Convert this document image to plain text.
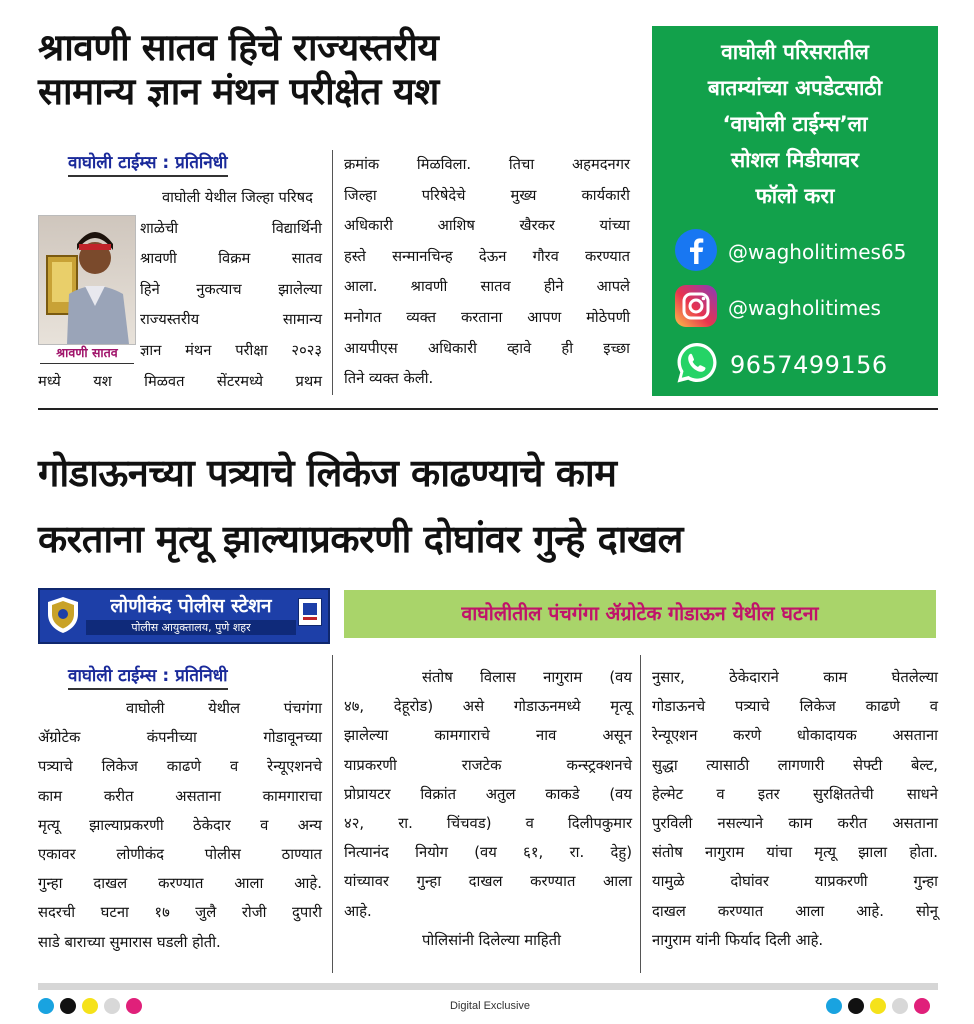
श्रावणी सातव हिचे राज्यस्तरीय
सामान्य ज्ञान मंथन परीक्षेत यश
वाघोली टाईम्स : प्रतिनिधी
श्रावणी सातव

वाघोली येथील जिल्हा परिषद

शाळेची विद्यार्थिनी

श्रावणी विक्रम सातव

हिने नुकत्याच झालेल्या

राज्यस्तरीय सामान्य

ज्ञान मंथन परीक्षा २०२३

मध्ये यश मिळवत सेंटरमध्ये प्रथम

क्रमांक मिळविला. तिचा अहमदनगर

जिल्हा परिषेदेचे मुख्य कार्यकारी

अधिकारी आशिष खैरकर यांच्या

हस्ते सन्मानचिन्ह देऊन गौरव करण्यात

आला. श्रावणी सातव हीने आपले

मनोगत व्यक्त करताना आपण मोठेपणी

आयपीएस अधिकारी व्हावे ही इच्छा

तिने व्यक्त केली.

वाघोली परिसरातील
बातम्यांच्या अपडेटसाठी
‘वाघोली टाईम्स’ला
सोशल मिडीयावर
फॉलो करा
@wagholitimes65
@wagholitimes
9657499156
गोडाऊनच्या पत्र्याचे लिकेज काढण्याचे काम
करताना मृत्यू झाल्याप्रकरणी दोघांवर गुन्हे दाखल
लोणीकंद पोलीस स्टेशन
पोलीस आयुक्तालय, पुणे शहर
वाघोलीतील पंचगंगा ॲग्रोटेक गोडाऊन येथील घटना
वाघोली टाईम्स : प्रतिनिधी

वाघोली येथील पंचगंगा

ॲग्रोटेक कंपनीच्या गोडावूनच्या

पत्र्याचे लिकेज काढणे व रेन्यूएशनचे

काम करीत असताना कामगाराचा

मृत्यू झाल्याप्रकरणी ठेकेदार व अन्य

एकावर लोणीकंद पोलीस ठाण्यात

गुन्हा दाखल करण्यात आला आहे.

सदरची घटना १७ जुलै रोजी दुपारी

साडे बाराच्या सुमारास घडली होती.

संतोष विलास नागुराम (वय

४७, देहूरोड) असे गोडाऊनमध्ये मृत्यू

झालेल्या कामगाराचे नाव असून

याप्रकरणी राजटेक कन्स्ट्रक्शनचे

प्रोप्रायटर विक्रांत अतुल काकडे (वय

४२, रा. चिंचवड) व दिलीपकुमार

नित्यानंद नियोग (वय ६१, रा. देहु)

यांच्यावर गुन्हा दाखल करण्यात आला

आहे.

पोलिसांनी दिलेल्या माहिती

नुसार, ठेकेदाराने काम घेतलेल्या

गोडाऊनचे पत्र्याचे लिकेज काढणे व

रेन्यूएशन करणे धोकादायक असताना

सुद्धा त्यासाठी लागणारी सेफ्टी बेल्ट,

हेल्मेट व इतर सुरक्षिततेची साधने

पुरविली नसल्याने काम करीत असताना

संतोष नागुराम यांचा मृत्यू झाला होता.

यामुळे दोघांवर याप्रकरणी गुन्हा

दाखल करण्यात आला आहे. सोनू

नागुराम यांनी फिर्याद दिली आहे.

Digital Exclusive
